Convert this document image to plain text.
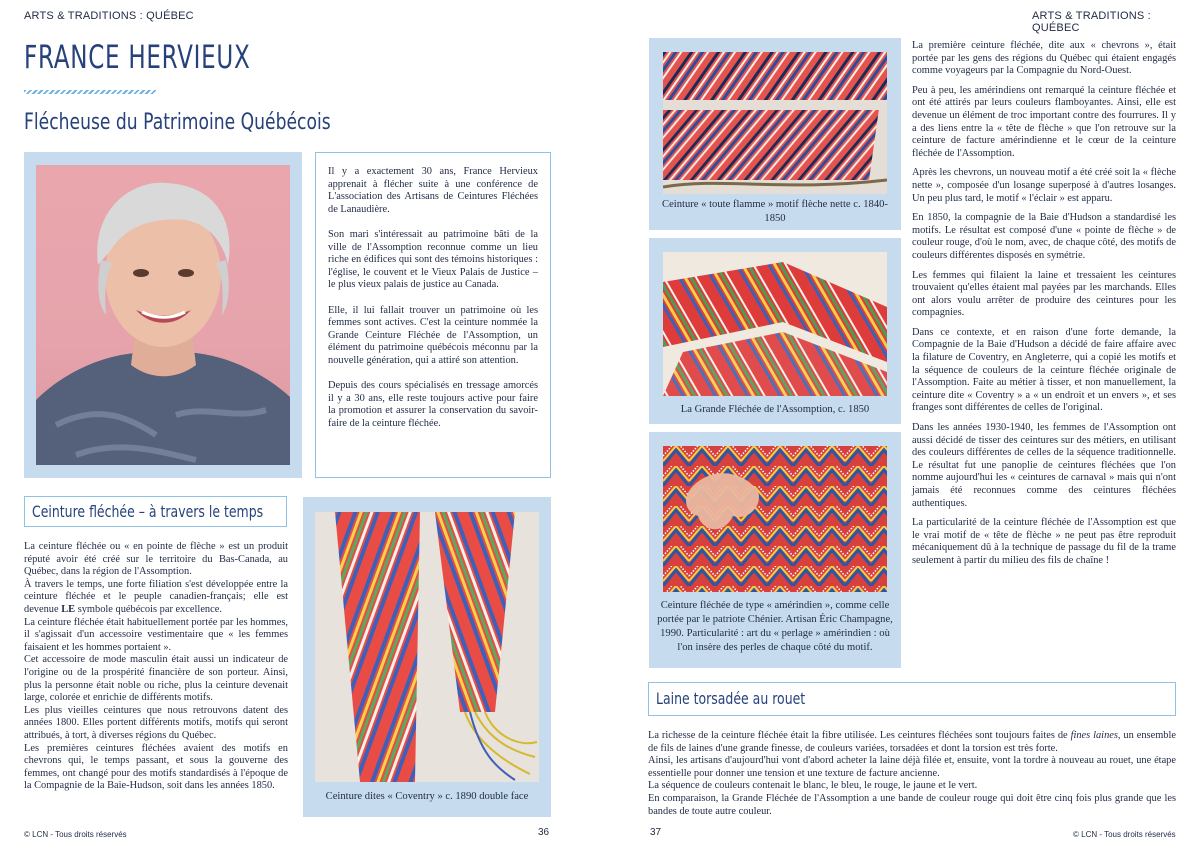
ARTS & TRADITIONS : QUÉBEC
FRANCE HERVIEUX
Flécheuse du Patrimoine Québécois

Il y a exactement 30 ans, France Hervieux apprenait à flécher suite à une conférence de L'association des Artisans de Ceintures Fléchées de Lanaudière.

Son mari s'intéressait au patrimoine bâti de la ville de l'Assomption reconnue comme un lieu riche en édifices qui sont des témoins historiques : l'église, le couvent et le Vieux Palais de Justice – le plus vieux palais de justice au Canada.

Elle, il lui fallait trouver un patrimoine où les femmes sont actives. C'est la ceinture nommée la Grande Ceinture Fléchée de l'Assomption, un élément du patrimoine québécois méconnu par la nouvelle génération, qui a attiré son attention.

Depuis des cours spécialisés en tressage amorcés il y a 30 ans, elle reste toujours active pour faire la promotion et assurer la conservation du savoir-faire de la ceinture fléchée.

Ceinture fléchée – à travers le temps

La ceinture fléchée ou « en pointe de flèche » est un produit réputé avoir été créé sur le territoire du Bas-Canada, au Québec, dans la région de l'Assomption.

À travers le temps, une forte filiation s'est développée entre la ceinture fléchée et le peuple canadien-français; elle est devenue LE symbole québécois par excellence.

La ceinture fléchée était habituellement portée par les hommes, il s'agissait d'un accessoire vestimentaire que « les femmes faisaient et les hommes portaient ».

Cet accessoire de mode masculin était aussi un indicateur de l'origine ou de la prospérité financière de son porteur. Ainsi, plus la personne était noble ou riche, plus la ceinture devenait large, colorée et enrichie de différents motifs.

Les plus vieilles ceintures que nous retrouvons datent des années 1800. Elles portent différents motifs, motifs qui seront attribués, à tort, à diverses régions du Québec.

Les premières ceintures fléchées avaient des motifs en chevrons qui, le temps passant, et sous la gouverne des femmes, ont changé pour des motifs standardisés à l'époque de la Compagnie de la Baie-Hudson, soit dans les années 1850.

Ceinture dites « Coventry » c. 1890 double face
© LCN - Tous droits réservés	36
ARTS & TRADITIONS : QUÉBEC
Ceinture « toute flamme » motif flèche nette c. 1840-1850
La Grande Fléchée de l'Assomption, c. 1850
Ceinture fléchée de type « amérindien », comme celle portée par le patriote Chénier. Artisan Éric Champagne, 1990. Particularité : art du « perlage » amérindien : où l'on insère des perles de chaque côté du motif.

La première ceinture fléchée, dite aux « chevrons », était portée par les gens des régions du Québec qui étaient engagés comme voyageurs par la Compagnie du Nord-Ouest.

Peu à peu, les amérindiens ont remarqué la ceinture fléchée et ont été attirés par leurs couleurs flamboyantes. Ainsi, elle est devenue un élément de troc important contre des fourrures. Il y a des liens entre la « tête de flèche » que l'on retrouve sur la ceinture de facture amérindienne et le cœur de la ceinture fléchée de l'Assomption.

Après les chevrons, un nouveau motif a été créé soit la « flèche nette », composée d'un losange superposé à d'autres losanges. Un peu plus tard, le motif « l'éclair » est apparu.

En 1850, la compagnie de la Baie d'Hudson a standardisé les motifs. Le résultat est composé d'une « pointe de flèche » de couleur rouge, d'où le nom, avec, de chaque côté, des motifs de couleurs différentes disposés en symétrie.

Les femmes qui filaient la laine et tressaient les ceintures trouvaient qu'elles étaient mal payées par les marchands. Elles ont alors voulu arrêter de produire des ceintures pour les compagnies.

Dans ce contexte, et en raison d'une forte demande, la Compagnie de la Baie d'Hudson a décidé de faire affaire avec la filature de Coventry, en Angleterre, qui a copié les motifs et la séquence de couleurs de la ceinture fléchée originale de l'Assomption. Faite au métier à tisser, et non manuellement, la ceinture dite « Coventry » a « un endroit et un envers », et ses franges sont différentes de celles de l'original.

Dans les années 1930-1940, les femmes de l'Assomption ont aussi décidé de tisser des ceintures sur des métiers, en utilisant des couleurs différentes de celles de la séquence traditionnelle. Le résultat fut une panoplie de ceintures fléchées que l'on nomme aujourd'hui les « ceintures de carnaval » mais qui n'ont jamais été reconnues comme des ceintures fléchées authentiques.

La particularité de la ceinture fléchée de l'Assomption est que le vrai motif de « tête de flèche » ne peut pas être reproduit mécaniquement dû à la technique de passage du fil de la trame seulement à partir du milieu des fils de chaîne !

Laine torsadée au rouet

La richesse de la ceinture fléchée était la fibre utilisée. Les ceintures fléchées sont toujours faites de fines laines, un ensemble de fils de laines d'une grande finesse, de couleurs variées, torsadées et dont la torsion est très forte.

Ainsi, les artisans d'aujourd'hui vont d'abord acheter la laine déjà filée et, ensuite, vont la tordre à nouveau au rouet, une étape essentielle pour donner une tension et une texture de facture ancienne.

La séquence de couleurs contenait le blanc, le bleu, le rouge, le jaune et le vert.

En comparaison, la Grande Fléchée de l'Assomption a une bande de couleur rouge qui doit être cinq fois plus grande que les bandes de toute autre couleur.

37	© LCN - Tous droits réservés
